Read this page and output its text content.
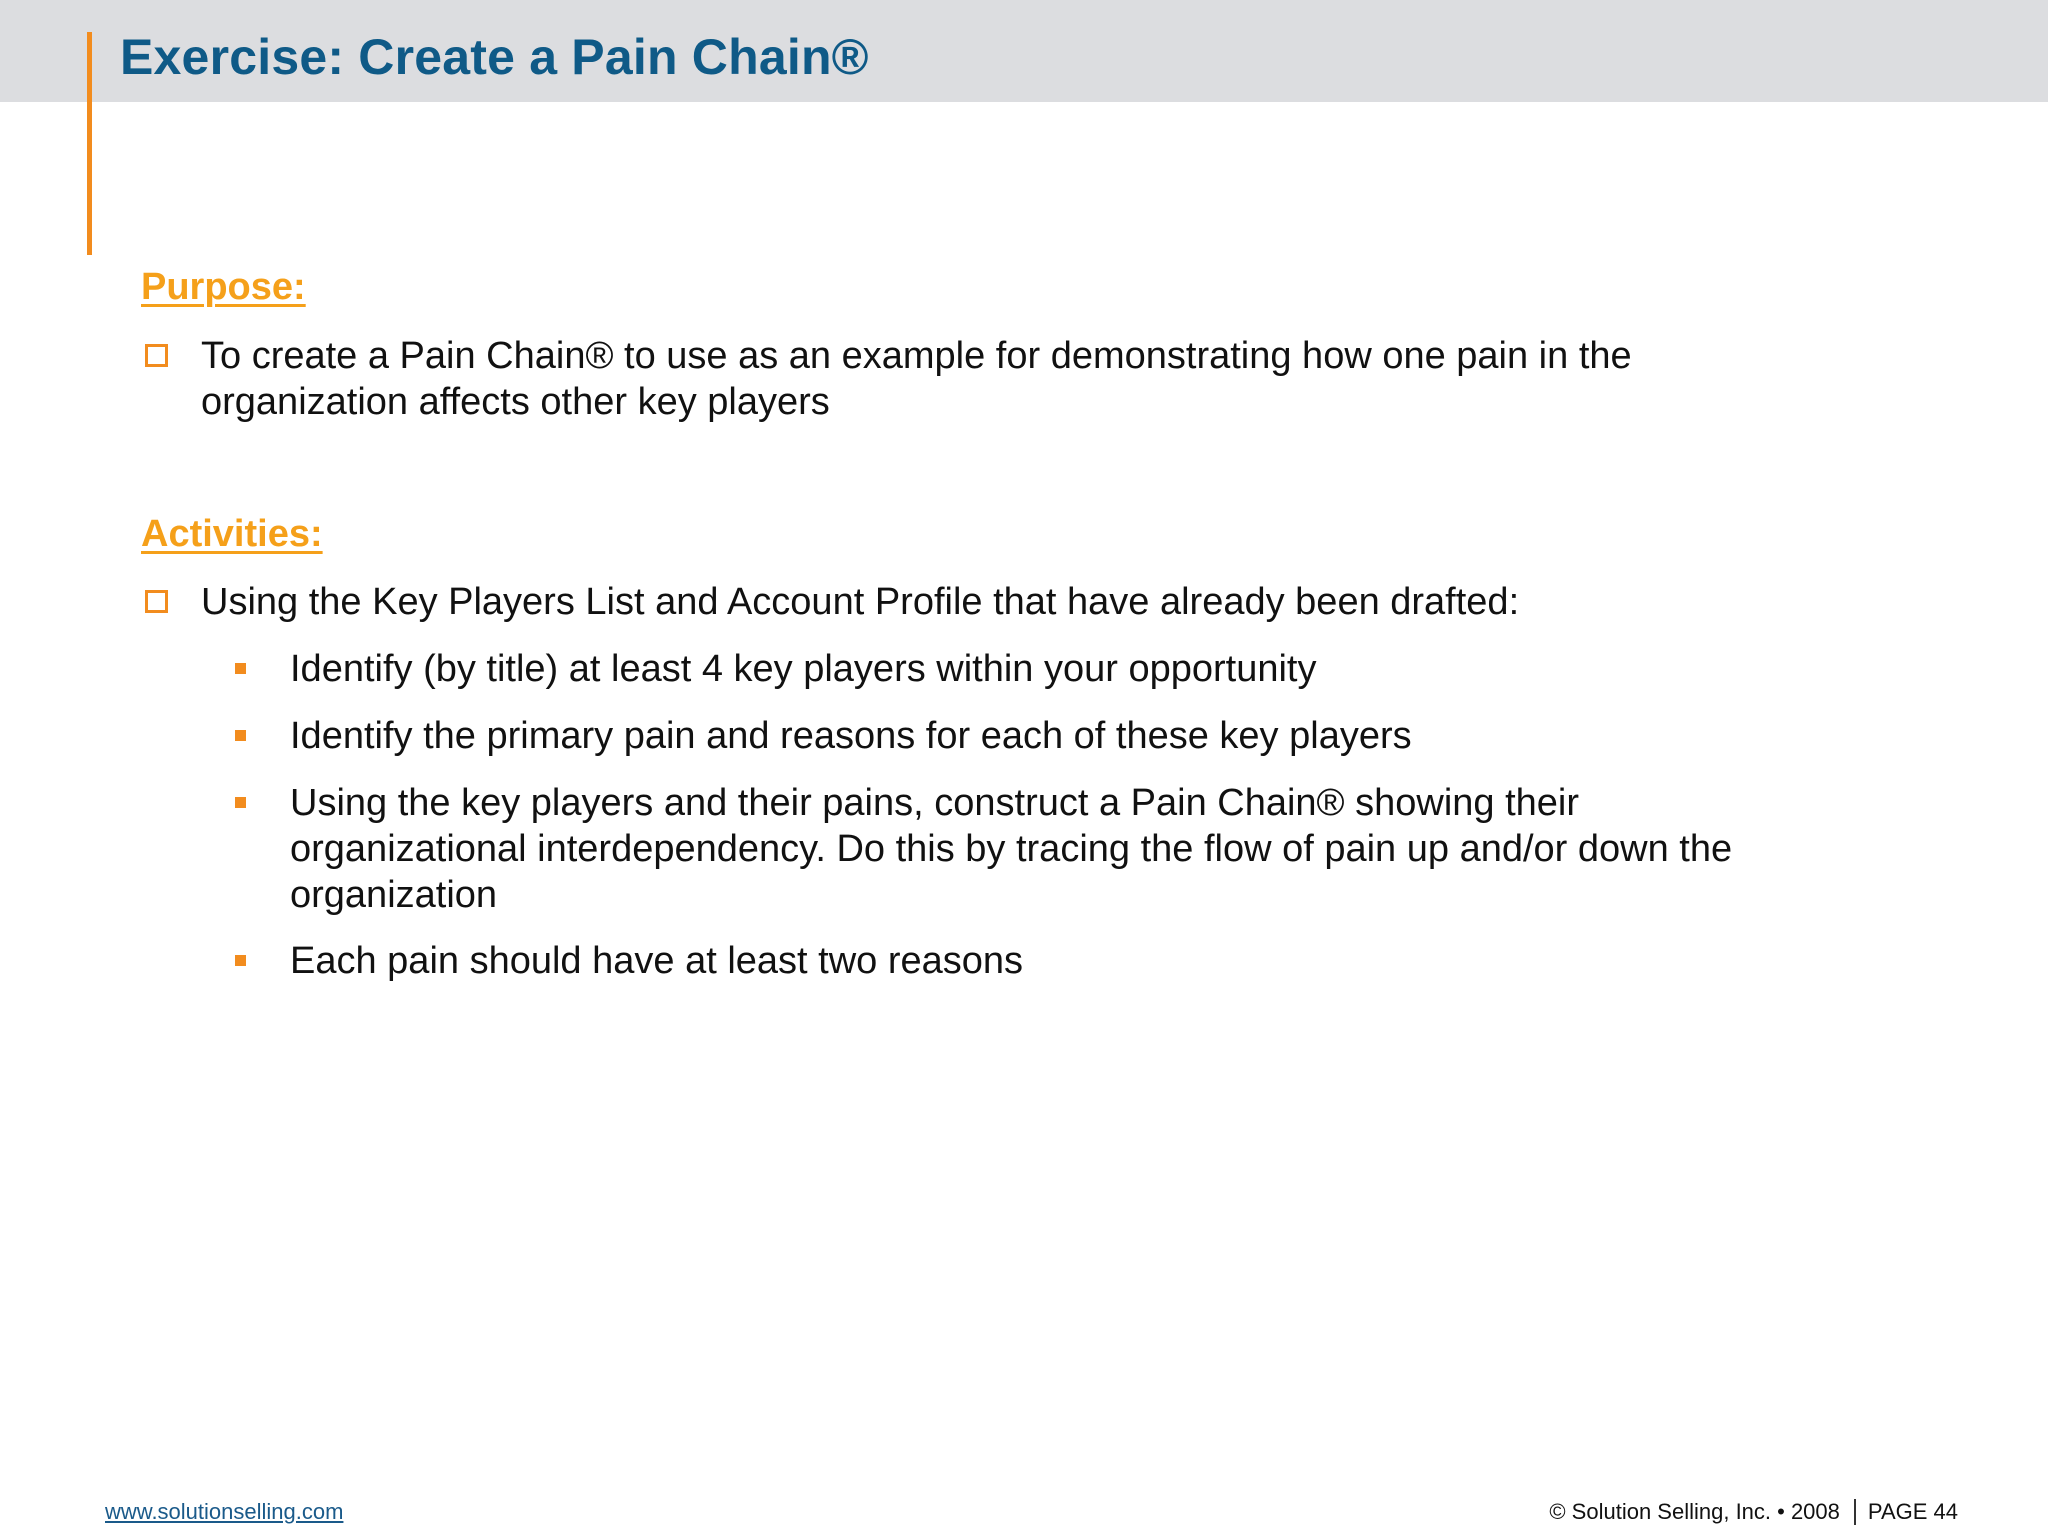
Exercise: Create a Pain Chain®
Purpose:
To create a Pain Chain® to use as an example for demonstrating how one pain in the
organization affects other key players
Activities:
Using the Key Players List and Account Profile that have already been drafted:
Identify (by title) at least 4 key players within your opportunity
Identify the primary pain and reasons for each of these key players
Using the key players and their pains, construct a Pain Chain® showing their
organizational interdependency. Do this by tracing the flow of pain up and/or down the
organization
Each pain should have at least two reasons
www.solutionselling.com	© Solution Selling, Inc. • 2008 PAGE 44
